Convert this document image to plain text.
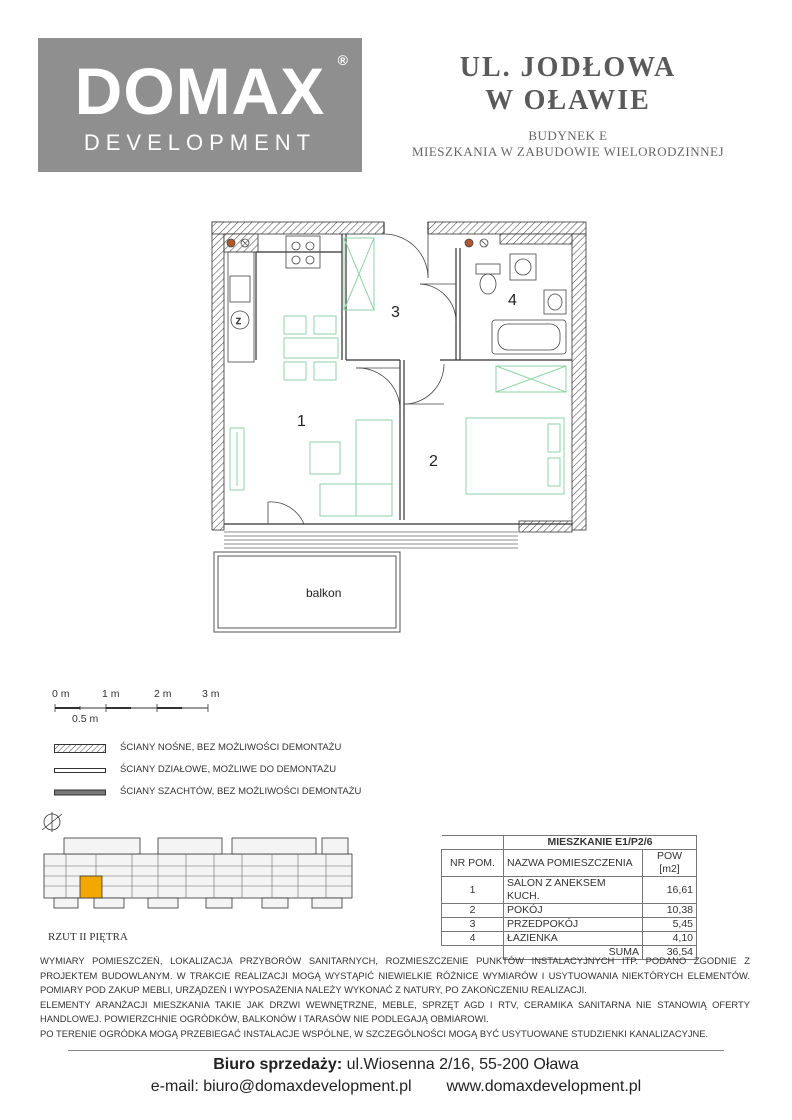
DOMAX ®
DEVELOPMENT
UL. JODŁOWA
W OŁAWIE
BUDYNEK E
MIESZKANIA W ZABUDOWIE WIELORODZINNEJ
Z
1
2
3
4
balkon
0 m	1 m	2 m	3 m
0.5 m
ŚCIANY NOŚNE, BEZ MOŻLIWOŚCI DEMONTAŻU
ŚCIANY DZIAŁOWE, MOŻLIWE DO DEMONTAŻU
ŚCIANY SZACHTÓW, BEZ MOŻLIWOŚCI DEMONTAŻU
RZUT II PIĘTRA
	MIESZKANIE E1/P2/6	
NR POM.	NAZWA POMIESZCZENIA	POW [m2]
1	SALON Z ANEKSEM KUCH.	16,61
2	POKÓJ	10,38
3	PRZEDPOKÓJ	5,45
4	ŁAZIENKA	4,10
	SUMA	36,54

WYMIARY POMIESZCZEŃ, LOKALIZACJA PRZYBORÓW SANITARNYCH, ROZMIESZCZENIE PUNKTÓW INSTALACYJNYCH ITP. PODANO ZGODNIE Z PROJEKTEM BUDOWLANYM. W TRAKCIE REALIZACJI MOGĄ WYSTĄPIĆ NIEWIELKIE RÓŻNICE WYMIARÓW I USYTUOWANIA NIEKTÓRYCH ELEMENTÓW. POMIARY POD ZAKUP MEBLI, URZĄDZEŃ I WYPOSAŻENIA NALEŻY WYKONAĆ Z NATURY, PO ZAKOŃCZENIU REALIZACJI.

ELEMENTY ARANŻACJI MIESZKANIA TAKIE JAK DRZWI WEWNĘTRZNE, MEBLE, SPRZĘT AGD I RTV, CERAMIKA SANITARNA NIE STANOWIĄ OFERTY HANDLOWEJ. POWIERZCHNIE OGRÓDKÓW, BALKONÓW I TARASÓW NIE PODLEGAJĄ OBMIAROWI.

PO TERENIE OGRÓDKA MOGĄ PRZEBIEGAĆ INSTALACJE WSPÓLNE, W SZCZEGÓLNOŚCI MOGĄ BYĆ USYTUOWANE STUDZIENKI KANALIZACYJNE.

Biuro sprzedaży: ul.Wiosenna 2/16, 55-200 Oława
e-mail: biuro@domaxdevelopment.pl www.domaxdevelopment.pl
